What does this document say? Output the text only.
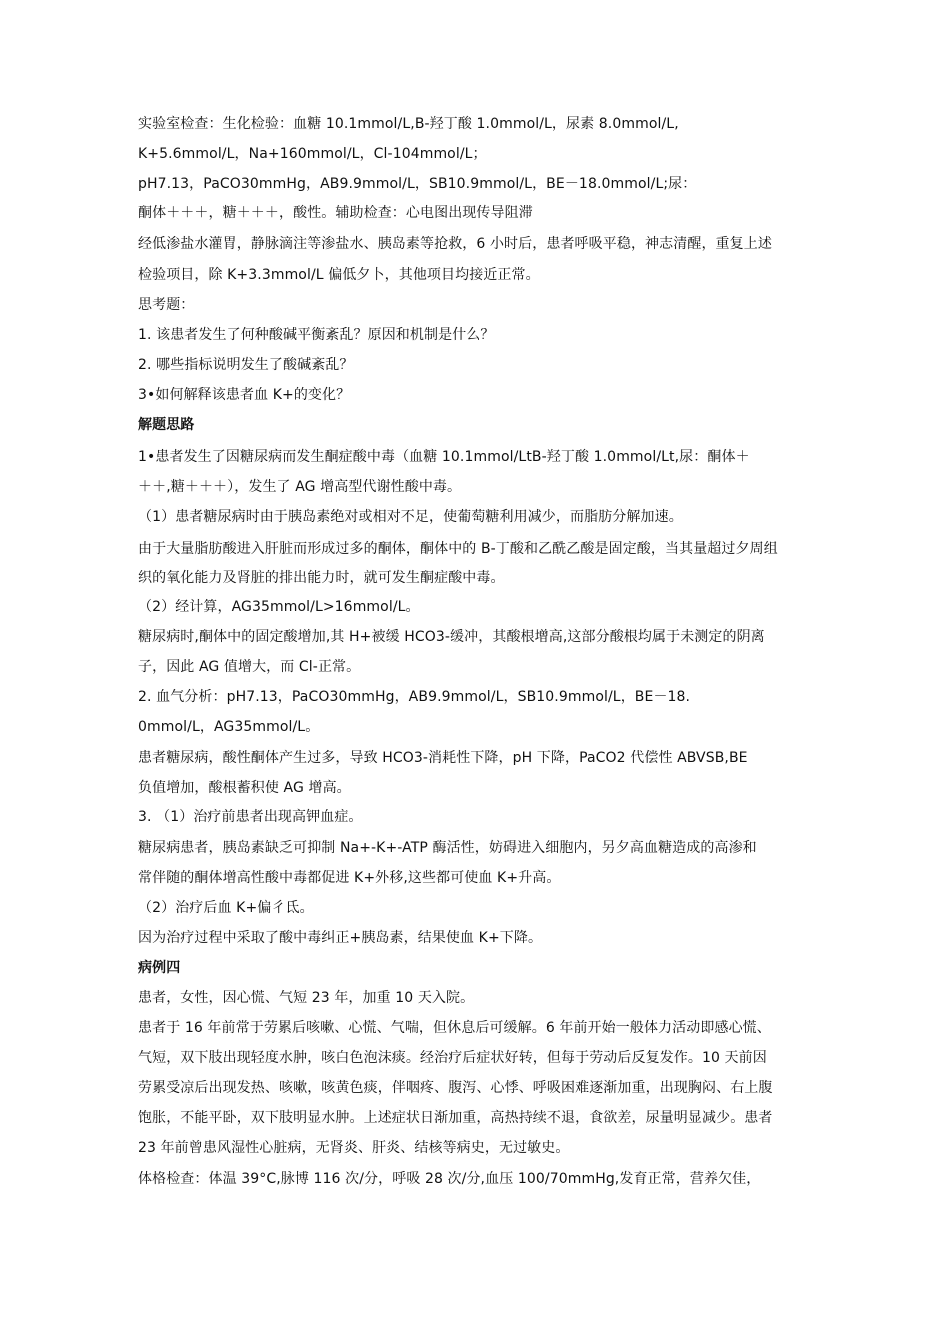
实验室检查：生化检验：血糖 10.1mmol/L,B-羟丁酸 1.0mmol/L，尿素 8.0mmol/L,
K+5.6mmol/L，Na+160mmol/L，Cl-104mmol/L；
pH7.13，PaCO30mmHg，AB9.9mmol/L，SB10.9mmol/L，BE－18.0mmol/L;尿：
酮体＋＋＋，糖＋＋＋，酸性。辅助检查：心电图出现传导阻滞
经低渗盐水灌胃，静脉滴注等渗盐水、胰岛素等抢救，6 小时后，患者呼吸平稳，神志清醒，重复上述
检验项目，除 K+3.3mmol/L 偏低夕卜，其他项目均接近正常。
思考题：
1. 该患者发生了何种酸碱平衡紊乱？原因和机制是什么？
2. 哪些指标说明发生了酸碱紊乱？
3•如何解释该患者血 K+的变化？
解题思路
1•患者发生了因糖尿病而发生酮症酸中毒（血糖 10.1mmol/LtB-羟丁酸 1.0mmol/Lt,尿：酮体＋
＋＋,糖＋＋＋），发生了 AG 增高型代谢性酸中毒。
（1）患者糖尿病时由于胰岛素绝对或相对不足，使葡萄糖利用减少，而脂肪分解加速。
由于大量脂肪酸进入肝脏而形成过多的酮体，酮体中的 B-丁酸和乙酰乙酸是固定酸，当其量超过夕周组
织的氧化能力及肾脏的排出能力时，就可发生酮症酸中毒。
（2）经计算，AG35mmol/L>16mmol/L。
糖尿病时,酮体中的固定酸增加,其 H+被缓 HCO3-缓冲，其酸根增高,这部分酸根均属于未测定的阴离
子，因此 AG 值增大，而 Cl-正常。
2. 血气分析：pH7.13，PaCO30mmHg，AB9.9mmol/L，SB10.9mmol/L，BE－18.
0mmol/L，AG35mmol/L。
患者糖尿病，酸性酮体产生过多，导致 HCO3-消耗性下降，pH 下降，PaCO2 代偿性 ABVSB,BE
负值增加，酸根蓄积使 AG 增高。
3. （1）治疗前患者出现高钾血症。
糖尿病患者，胰岛素缺乏可抑制 Na+-K+-ATP 酶活性，妨碍进入细胞内，另夕高血糖造成的高渗和
常伴随的酮体增高性酸中毒都促进 K+外移,这些都可使血 K+升高。
（2）治疗后血 K+偏彳氐。
因为治疗过程中采取了酸中毒纠正+胰岛素，结果使血 K+下降。
病例四
患者，女性，因心慌、气短 23 年，加重 10 天入院。
患者于 16 年前常于劳累后咳嗽、心慌、气喘，但休息后可缓解。6 年前开始一般体力活动即感心慌、
气短，双下肢出现轻度水肿，咳白色泡沫痰。经治疗后症状好转，但每于劳动后反复发作。10 天前因
劳累受凉后出现发热、咳嗽，咳黄色痰，伴咽疼、腹泻、心悸、呼吸困难逐渐加重，出现胸闷、右上腹
饱胀，不能平卧，双下肢明显水肿。上述症状日渐加重，高热持续不退，食欲差，尿量明显减少。患者
23 年前曾患风湿性心脏病，无肾炎、肝炎、结核等病史，无过敏史。
体格检查：体温 39°C,脉博 116 次/分，呼吸 28 次/分,血压 100/70mmHg,发育正常，营养欠佳，
